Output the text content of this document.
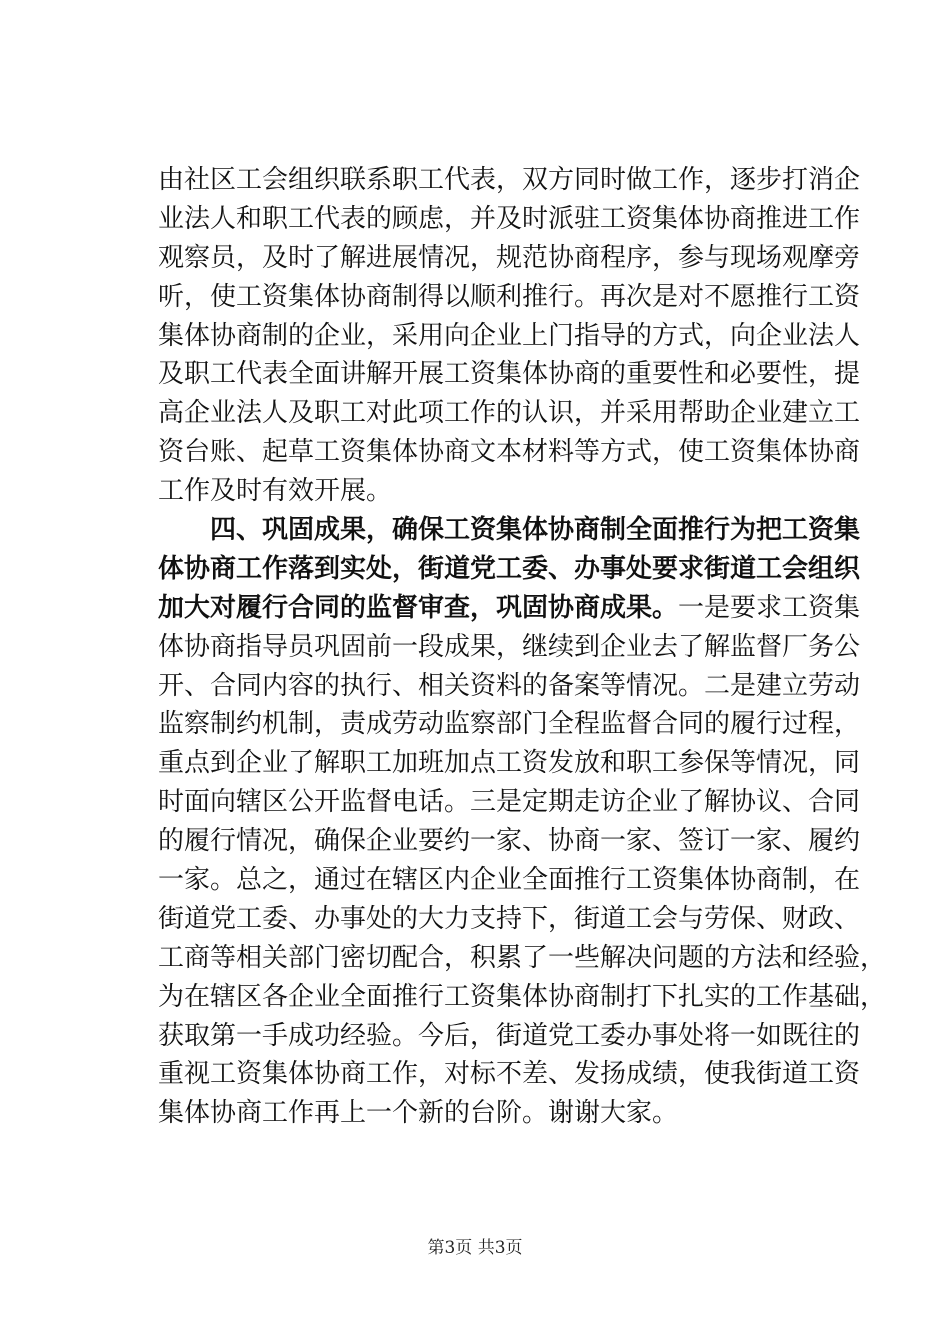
由社区工会组织联系职工代表，双方同时做工作，逐步打消企
业法人和职工代表的顾虑，并及时派驻工资集体协商推进工作
观察员，及时了解进展情况，规范协商程序，参与现场观摩旁
听，使工资集体协商制得以顺利推行。再次是对不愿推行工资
集体协商制的企业，采用向企业上门指导的方式，向企业法人
及职工代表全面讲解开展工资集体协商的重要性和必要性，提
高企业法人及职工对此项工作的认识，并采用帮助企业建立工
资台账、起草工资集体协商文本材料等方式，使工资集体协商
工作及时有效开展。
四、巩固成果，确保工资集体协商制全面推行为把工资集
体协商工作落到实处，街道党工委、办事处要求街道工会组织
加大对履行合同的监督审查，巩固协商成果。一是要求工资集
体协商指导员巩固前一段成果，继续到企业去了解监督厂务公
开、合同内容的执行、相关资料的备案等情况。二是建立劳动
监察制约机制，责成劳动监察部门全程监督合同的履行过程，
重点到企业了解职工加班加点工资发放和职工参保等情况，同
时面向辖区公开监督电话。三是定期走访企业了解协议、合同
的履行情况，确保企业要约一家、协商一家、签订一家、履约
一家。总之，通过在辖区内企业全面推行工资集体协商制，在
街道党工委、办事处的大力支持下，街道工会与劳保、财政、
工商等相关部门密切配合，积累了一些解决问题的方法和经验，
为在辖区各企业全面推行工资集体协商制打下扎实的工作基础，
获取第一手成功经验。今后，街道党工委办事处将一如既往的
重视工资集体协商工作，对标不差、发扬成绩，使我街道工资
集体协商工作再上一个新的台阶。谢谢大家。
第3页 共3页
